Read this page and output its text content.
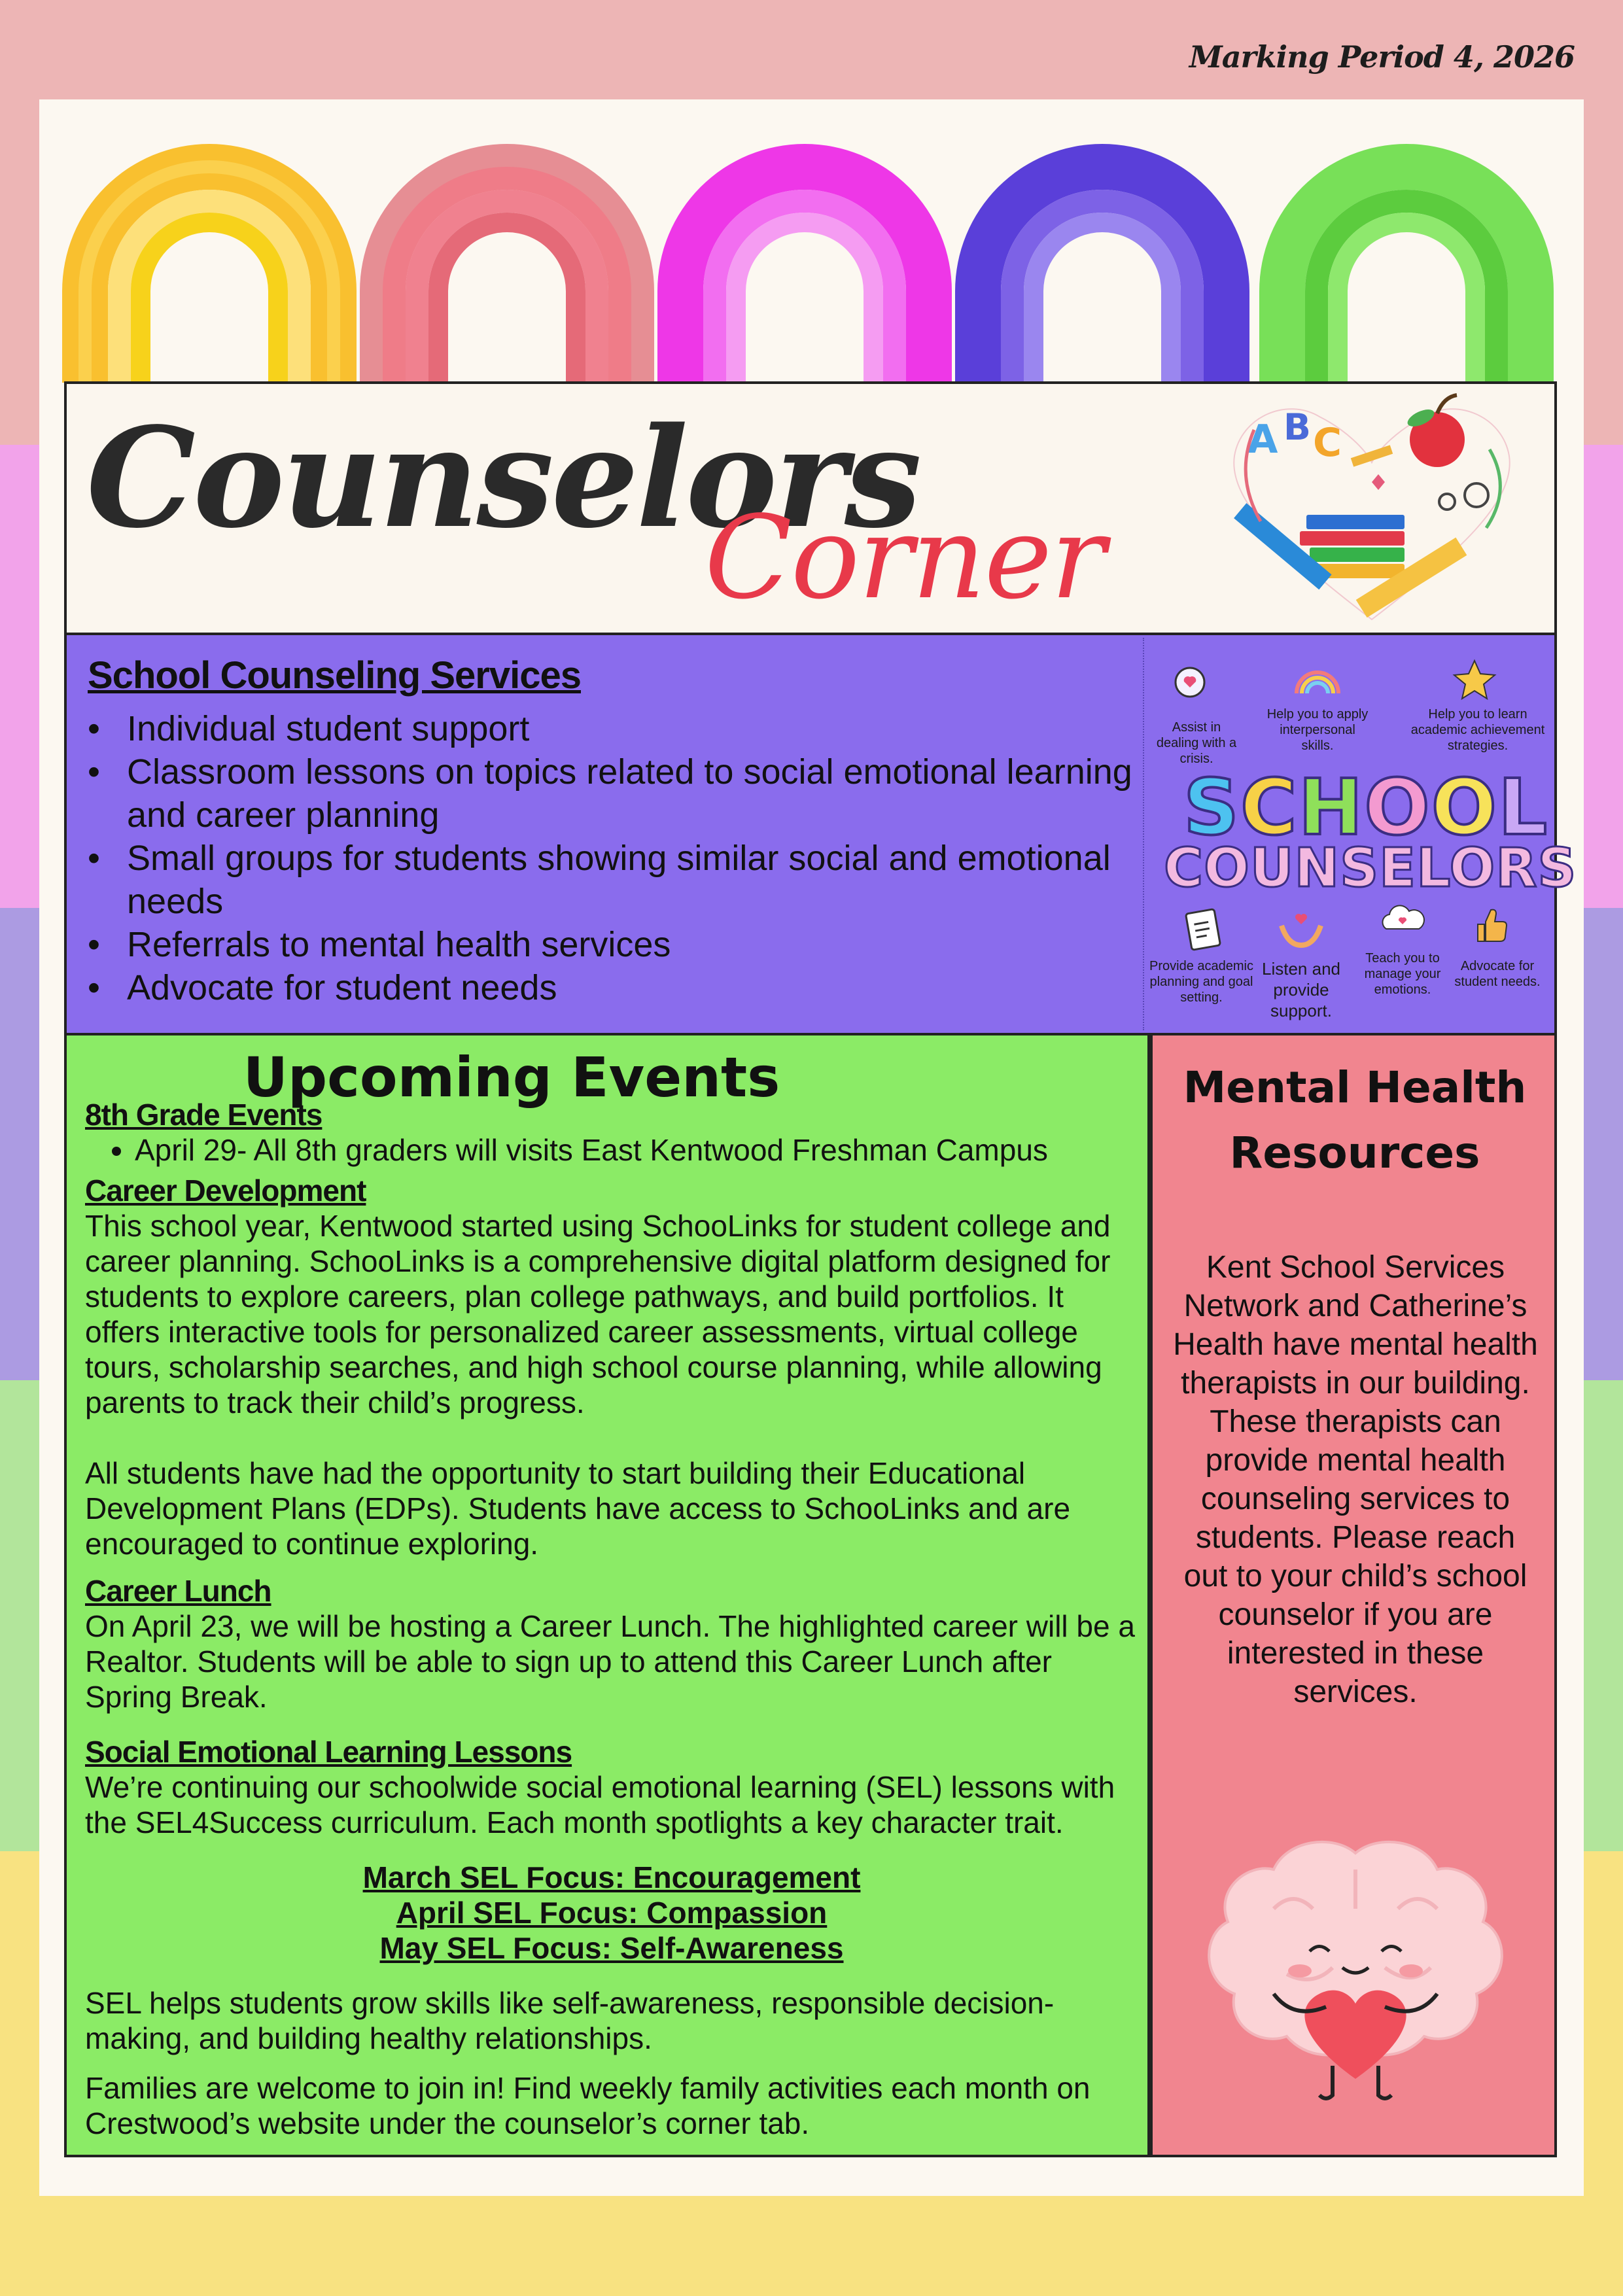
Marking Period 4, 2026
Counselors
Corner
A B C
School Counseling Services
• Individual student support
• Classroom lessons on topics related to social emotional learning and career planning
• Small groups for students showing similar social and emotional needs
• Referrals to mental health services
• Advocate for student needs
Assist in dealing with a crisis.
Help you to apply interpersonal skills.
Help you to learn academic achievement strategies.
SCHOOL
COUNSELORS
Provide academic planning and goal setting.
Listen and provide support.
Teach you to manage your emotions.
Advocate for student needs.
Upcoming Events
8th Grade Events
• April 29- All 8th graders will visits East Kentwood Freshman Campus
Career Development

This school year, Kentwood started using SchooLinks for student college and career planning. SchooLinks is a comprehensive digital platform designed for students to explore careers, plan college pathways, and build portfolios. It offers interactive tools for personalized career assessments, virtual college tours, scholarship searches, and high school course planning, while allowing parents to track their child’s progress.

All students have had the opportunity to start building their Educational Development Plans (EDPs). Students have access to SchooLinks and are encouraged to continue exploring.

Career Lunch

On April 23, we will be hosting a Career Lunch. The highlighted career will be a Realtor. Students will be able to sign up to attend this Career Lunch after Spring Break.

Social Emotional Learning Lessons

We’re continuing our schoolwide social emotional learning (SEL) lessons with the SEL4Success curriculum. Each month spotlights a key character trait.

March SEL Focus: Encouragement
April SEL Focus: Compassion
May SEL Focus: Self-Awareness

SEL helps students grow skills like self-awareness, responsible decision-making, and building healthy relationships.

Families are welcome to join in! Find weekly family activities each month on Crestwood’s website under the counselor’s corner tab.

Mental Health Resources

Kent School Services Network and Catherine’s Health have mental health therapists in our building. These therapists can provide mental health counseling services to students. Please reach out to your child’s school counselor if you are interested in these services.
